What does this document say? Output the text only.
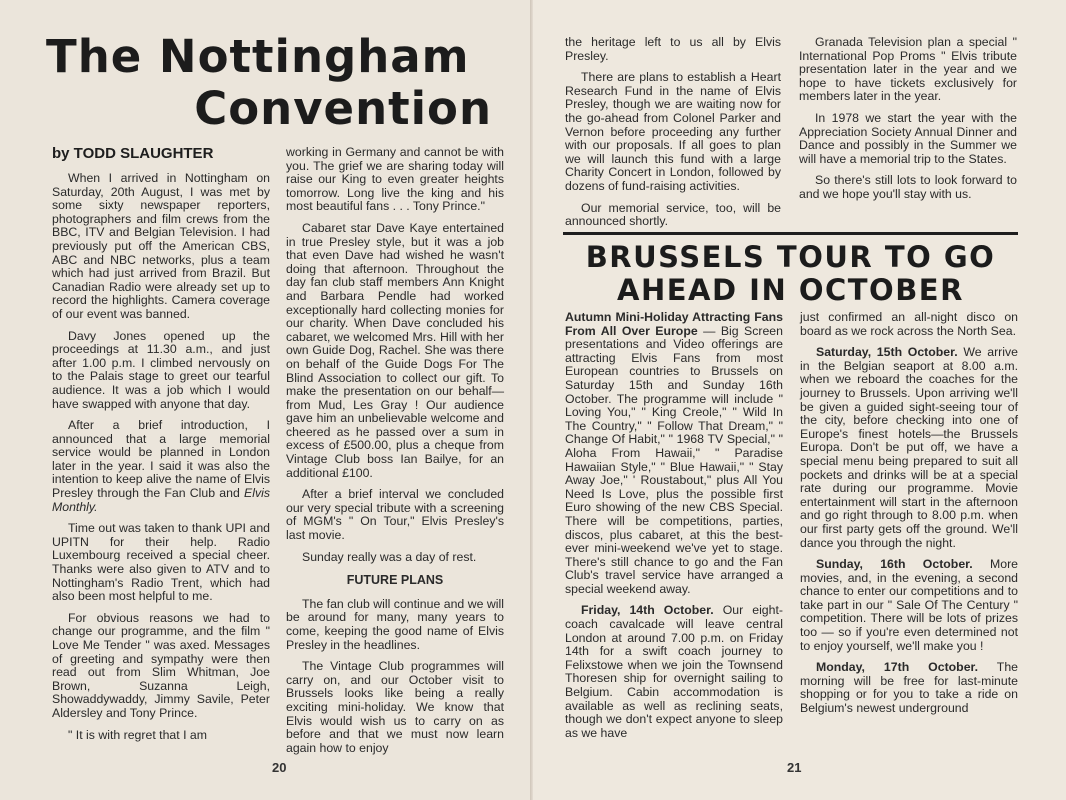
The Nottingham
Convention
by TODD SLAUGHTER

When I arrived in Nottingham on Saturday, 20th August, I was met by some sixty newspaper reporters, photographers and film crews from the BBC, ITV and Belgian Television. I had previously put off the American CBS, ABC and NBC networks, plus a team which had just arrived from Brazil. But Canadian Radio were already set up to record the highlights. Camera coverage of our event was banned.

Davy Jones opened up the proceedings at 11.30 a.m., and just after 1.00 p.m. I climbed nervously on to the Palais stage to greet our tearful audience. It was a job which I would have swapped with anyone that day.

After a brief introduction, I announced that a large memorial service would be planned in London later in the year. I said it was also the intention to keep alive the name of Elvis Presley through the Fan Club and Elvis Monthly.

Time out was taken to thank UPI and UPITN for their help. Radio Luxembourg received a special cheer. Thanks were also given to ATV and to Nottingham's Radio Trent, which had also been most helpful to me.

For obvious reasons we had to change our programme, and the film " Love Me Tender " was axed. Messages of greeting and sympathy were then read out from Slim Whitman, Joe Brown, Suzanna Leigh, Showaddywaddy, Jimmy Savile, Peter Aldersley and Tony Prince.

" It is with regret that I am

working in Germany and cannot be with you. The grief we are sharing today will raise our King to even greater heights tomorrow. Long live the king and his most beautiful fans . . . Tony Prince."

Cabaret star Dave Kaye entertained in true Presley style, but it was a job that even Dave had wished he wasn't doing that afternoon. Throughout the day fan club staff members Ann Knight and Barbara Pendle had worked exceptionally hard collecting monies for our charity. When Dave concluded his cabaret, we welcomed Mrs. Hill with her own Guide Dog, Rachel. She was there on behalf of the Guide Dogs For The Blind Association to collect our gift. To make the presentation on our behalf— from Mud, Les Gray ! Our audience gave him an unbelievable welcome and cheered as he passed over a sum in excess of £500.00, plus a cheque from Vintage Club boss Ian Bailye, for an additional £100.

After a brief interval we concluded our very special tribute with a screening of MGM's " On Tour," Elvis Presley's last movie.

Sunday really was a day of rest.

FUTURE PLANS

The fan club will continue and we will be around for many, many years to come, keeping the good name of Elvis Presley in the headlines.

The Vintage Club programmes will carry on, and our October visit to Brussels looks like being a really exciting mini-holiday. We know that Elvis would wish us to carry on as before and that we must now learn again how to enjoy

20

the heritage left to us all by Elvis Presley.

There are plans to establish a Heart Research Fund in the name of Elvis Presley, though we are waiting now for the go-ahead from Colonel Parker and Vernon before proceeding any further with our proposals. If all goes to plan we will launch this fund with a large Charity Concert in London, followed by dozens of fund-raising activities.

Our memorial service, too, will be announced shortly.

Granada Television plan a special " International Pop Proms " Elvis tribute presentation later in the year and we hope to have tickets exclusively for members later in the year.

In 1978 we start the year with the Appreciation Society Annual Dinner and Dance and possibly in the Summer we will have a memorial trip to the States.

So there's still lots to look forward to and we hope you'll stay with us.

BRUSSELS TOUR TO GO
AHEAD IN OCTOBER

Autumn Mini-Holiday Attracting Fans From All Over Europe — Big Screen presentations and Video offerings are attracting Elvis Fans from most European countries to Brussels on Saturday 15th and Sunday 16th October. The programme will include " Loving You," " King Creole," " Wild In The Country," " Follow That Dream," " Change Of Habit," " 1968 TV Special," " Aloha From Hawaii," " Paradise Hawaiian Style," " Blue Hawaii," " Stay Away Joe," ' Roustabout," plus All You Need Is Love, plus the possible first Euro showing of the new CBS Special. There will be competitions, parties, discos, plus cabaret, at this the best-ever mini-weekend we've yet to stage. There's still chance to go and the Fan Club's travel service have arranged a special weekend away.

Friday, 14th October. Our eight-coach cavalcade will leave central London at around 7.00 p.m. on Friday 14th for a swift coach journey to Felixstowe when we join the Townsend Thoresen ship for overnight sailing to Belgium. Cabin accommodation is available as well as reclining seats, though we don't expect anyone to sleep as we have

just confirmed an all-night disco on board as we rock across the North Sea.

Saturday, 15th October. We arrive in the Belgian seaport at 8.00 a.m. when we reboard the coaches for the journey to Brussels. Upon arriving we'll be given a guided sight-seeing tour of the city, before checking into one of Europe's finest hotels—the Brussels Europa. Don't be put off, we have a special menu being prepared to suit all pockets and drinks will be at a special rate during our programme. Movie entertainment will start in the afternoon and go right through to 8.00 p.m. when our first party gets off the ground. We'll dance you through the night.

Sunday, 16th October. More movies, and, in the evening, a second chance to enter our competitions and to take part in our " Sale Of The Century " competition. There will be lots of prizes too — so if you're even determined not to enjoy yourself, we'll make you !

Monday, 17th October. The morning will be free for last-minute shopping or for you to take a ride on Belgium's newest underground

21
